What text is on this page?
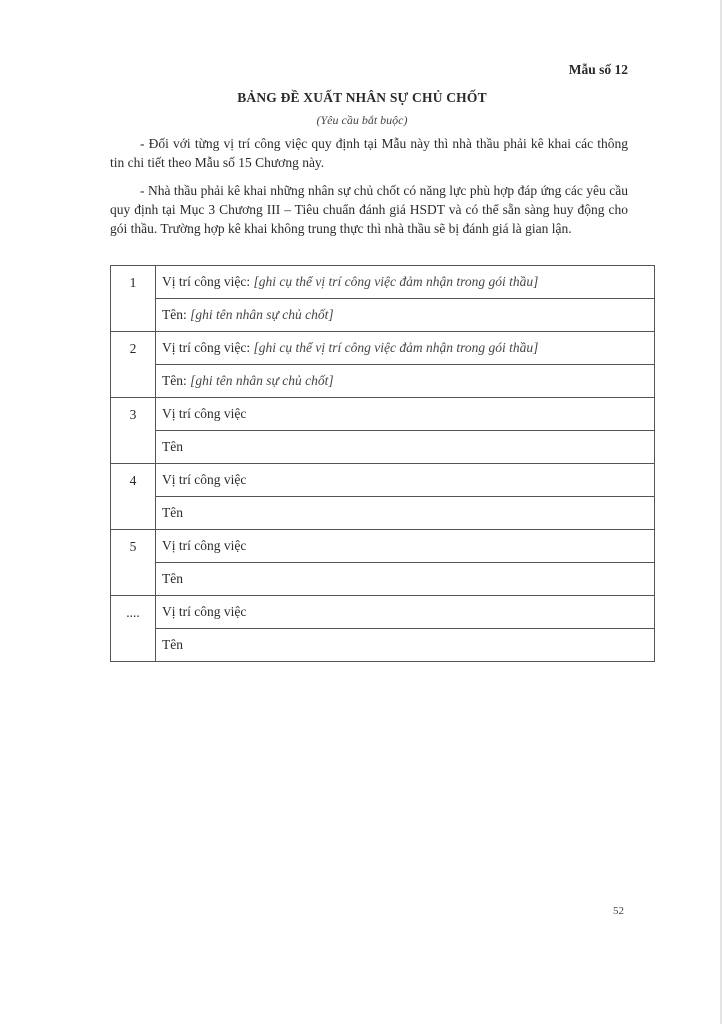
Mẫu số 12
BẢNG ĐỀ XUẤT NHÂN SỰ CHỦ CHỐT
(Yêu cầu bắt buộc)

- Đối với từng vị trí công việc quy định tại Mẫu này thì nhà thầu phải kê khai các thông tin chi tiết theo Mẫu số 15 Chương này.

- Nhà thầu phải kê khai những nhân sự chủ chốt có năng lực phù hợp đáp ứng các yêu cầu quy định tại Mục 3 Chương III – Tiêu chuẩn đánh giá HSDT và có thể sẵn sàng huy động cho gói thầu. Trường hợp kê khai không trung thực thì nhà thầu sẽ bị đánh giá là gian lận.

1	Vị trí công việc: [ghi cụ thể vị trí công việc đảm nhận trong gói thầu]
	Tên: [ghi tên nhân sự chủ chốt]
2	Vị trí công việc: [ghi cụ thể vị trí công việc đảm nhận trong gói thầu]
	Tên: [ghi tên nhân sự chủ chốt]
3	Vị trí công việc
	Tên
4	Vị trí công việc
	Tên
5	Vị trí công việc
	Tên
....	Vị trí công việc
	Tên
52
